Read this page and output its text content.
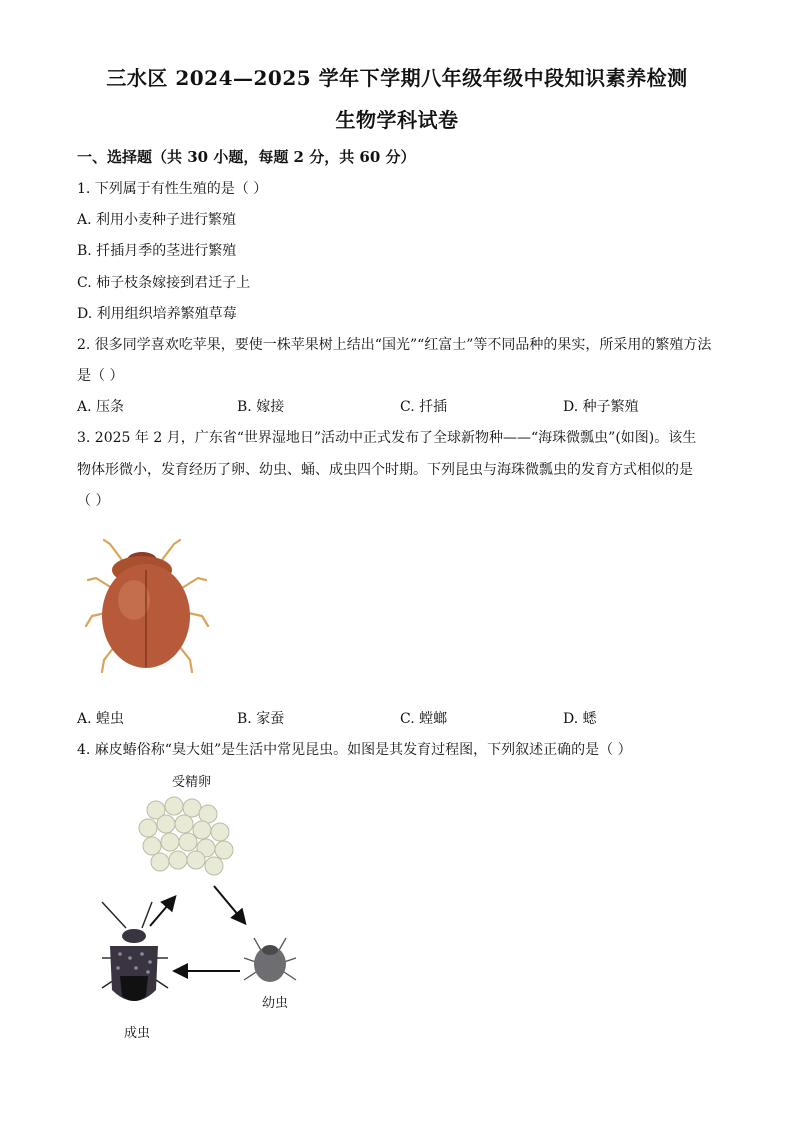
三水区 2024—2025 学年下学期八年级年级中段知识素养检测
生物学科试卷
一、选择题（共 30 小题，每题 2 分，共 60 分）
1. 下列属于有性生殖的是（ ）
A. 利用小麦种子进行繁殖
B. 扦插月季的茎进行繁殖
C. 柿子枝条嫁接到君迁子上
D. 利用组织培养繁殖草莓
2. 很多同学喜欢吃苹果，要使一株苹果树上结出“国光”“红富士”等不同品种的果实，所采用的繁殖方法
是（ ）
A. 压条	B. 嫁接	C. 扦插	D. 种子繁殖
3. 2025 年 2 月，广东省“世界湿地日”活动中正式发布了全球新物种——“海珠微瓢虫”(如图)。该生
物体形微小，发育经历了卵、幼虫、蛹、成虫四个时期。下列昆虫与海珠微瓢虫的发育方式相似的是
（ ）
A. 蝗虫	B. 家蚕	C. 螳螂	D. 蟋
4. 麻皮蝽俗称“臭大姐”是生活中常见昆虫。如图是其发育过程图，下列叙述正确的是（ ）
受精卵
幼虫
成虫
